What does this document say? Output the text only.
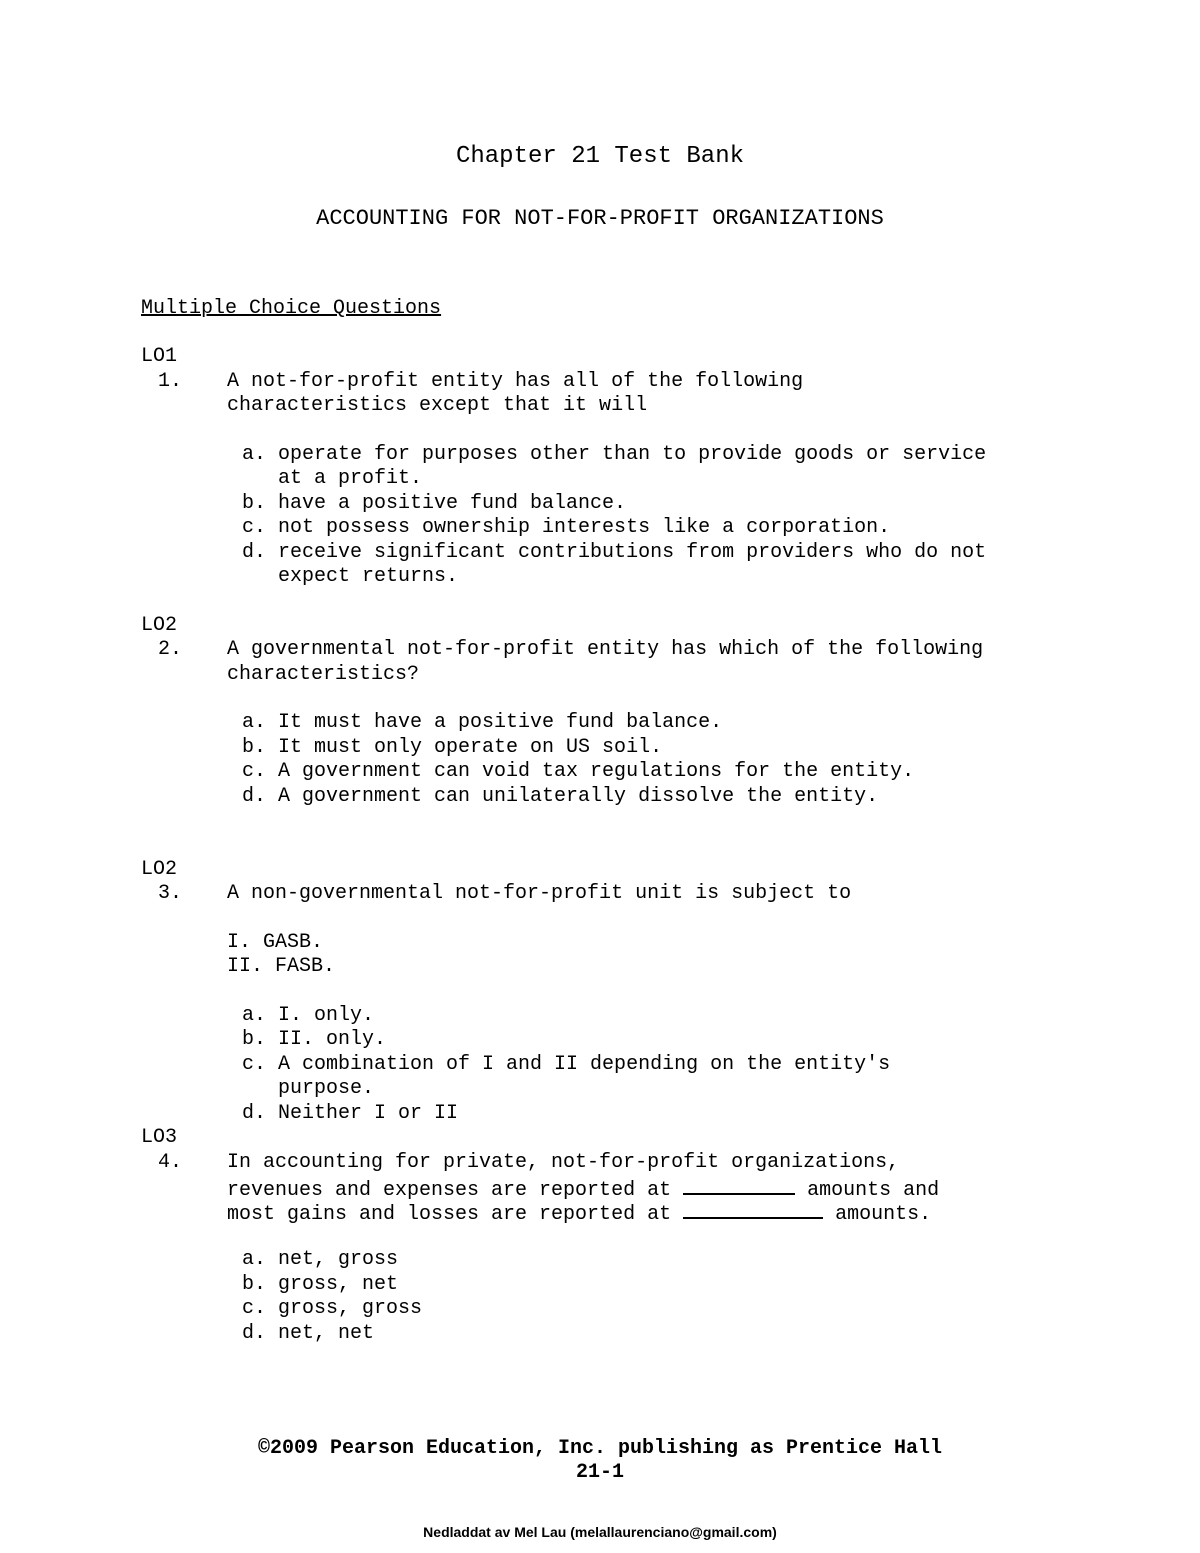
Chapter 21 Test Bank
ACCOUNTING FOR NOT-FOR-PROFIT ORGANIZATIONS
Multiple Choice Questions
LO1
1. A not-for-profit entity has all of the following
characteristics except that it will
a. operate for purposes other than to provide goods or service
at a profit.
b. have a positive fund balance.
c. not possess ownership interests like a corporation.
d. receive significant contributions from providers who do not
expect returns.
LO2
2. A governmental not-for-profit entity has which of the following
characteristics?
a. It must have a positive fund balance.
b. It must only operate on US soil.
c. A government can void tax regulations for the entity.
d. A government can unilaterally dissolve the entity.
LO2
3. A non-governmental not-for-profit unit is subject to
I. GASB.
II. FASB.
a. I. only.
b. II. only.
c. A combination of I and II depending on the entity's
purpose.
d. Neither I or II
LO3
4. In accounting for private, not-for-profit organizations,
revenues and expenses are reported at	amounts and
most gains and losses are reported at	amounts.
a. net, gross
b. gross, net
c. gross, gross
d. net, net
©2009 Pearson Education, Inc. publishing as Prentice Hall
21-1
Nedladdat av Mel Lau (melallaurenciano@gmail.com)
